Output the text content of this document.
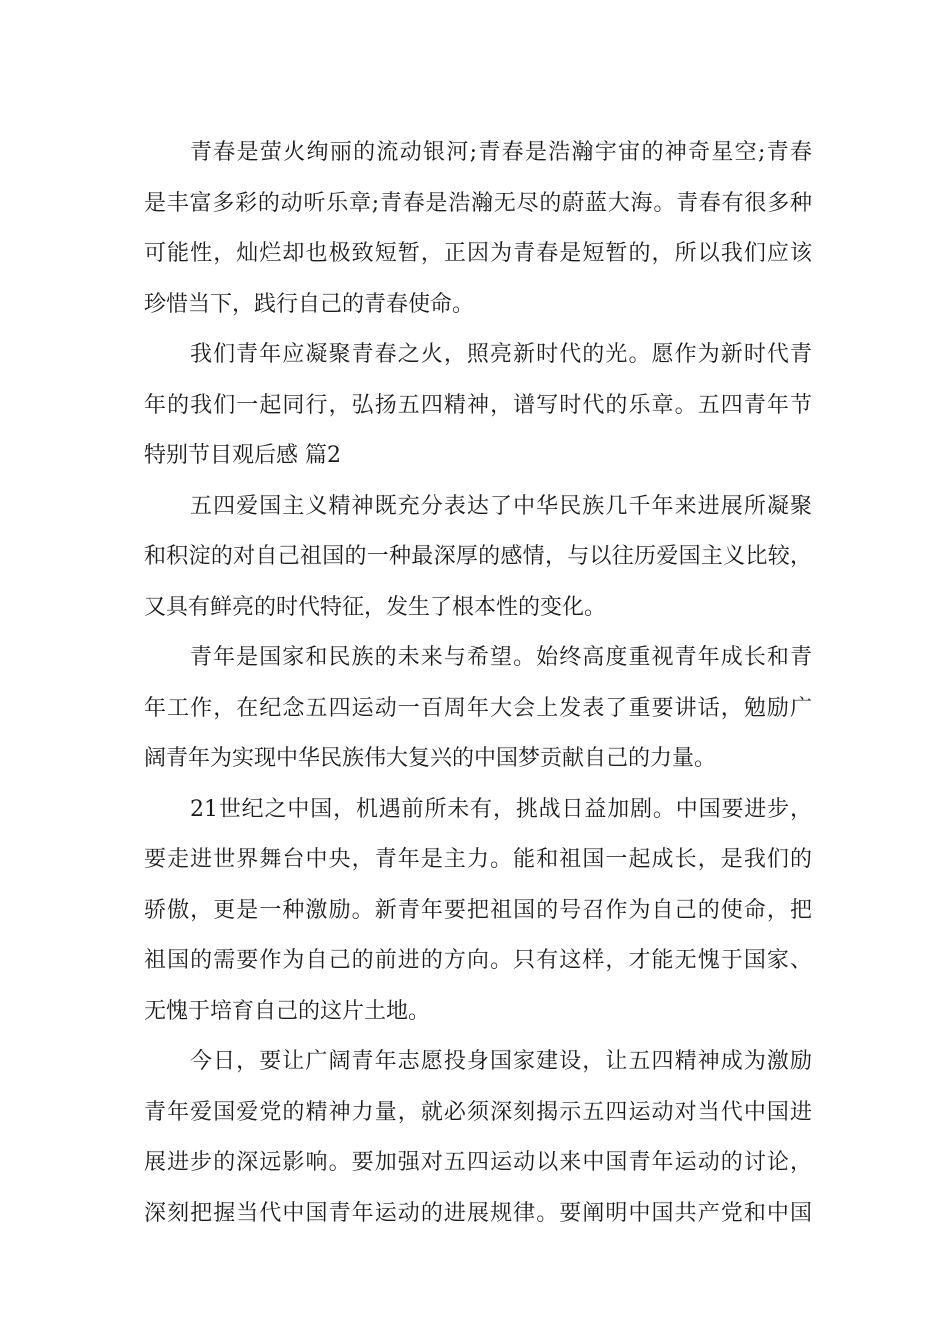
青春是萤火绚丽的流动银河;青春是浩瀚宇宙的神奇星空;青春
是丰富多彩的动听乐章;青春是浩瀚无尽的蔚蓝大海。青春有很多种
可能性，灿烂却也极致短暂，正因为青春是短暂的，所以我们应该
珍惜当下，践行自己的青春使命。
我们青年应凝聚青春之火，照亮新时代的光。愿作为新时代青
年的我们一起同行，弘扬五四精神，谱写时代的乐章。五四青年节
特别节目观后感 篇2
五四爱国主义精神既充分表达了中华民族几千年来进展所凝聚
和积淀的对自己祖国的一种最深厚的感情，与以往历爱国主义比较，
又具有鲜亮的时代特征，发生了根本性的变化。
青年是国家和民族的未来与希望。始终高度重视青年成长和青
年工作，在纪念五四运动一百周年大会上发表了重要讲话，勉励广
阔青年为实现中华民族伟大复兴的中国梦贡献自己的力量。
21世纪之中国，机遇前所未有，挑战日益加剧。中国要进步，
要走进世界舞台中央，青年是主力。能和祖国一起成长，是我们的
骄傲，更是一种激励。新青年要把祖国的号召作为自己的使命，把
祖国的需要作为自己的前进的方向。只有这样，才能无愧于国家、
无愧于培育自己的这片土地。
今日，要让广阔青年志愿投身国家建设，让五四精神成为激励
青年爱国爱党的精神力量，就必须深刻揭示五四运动对当代中国进
展进步的深远影响。要加强对五四运动以来中国青年运动的讨论，
深刻把握当代中国青年运动的进展规律。要阐明中国共产党和中国
